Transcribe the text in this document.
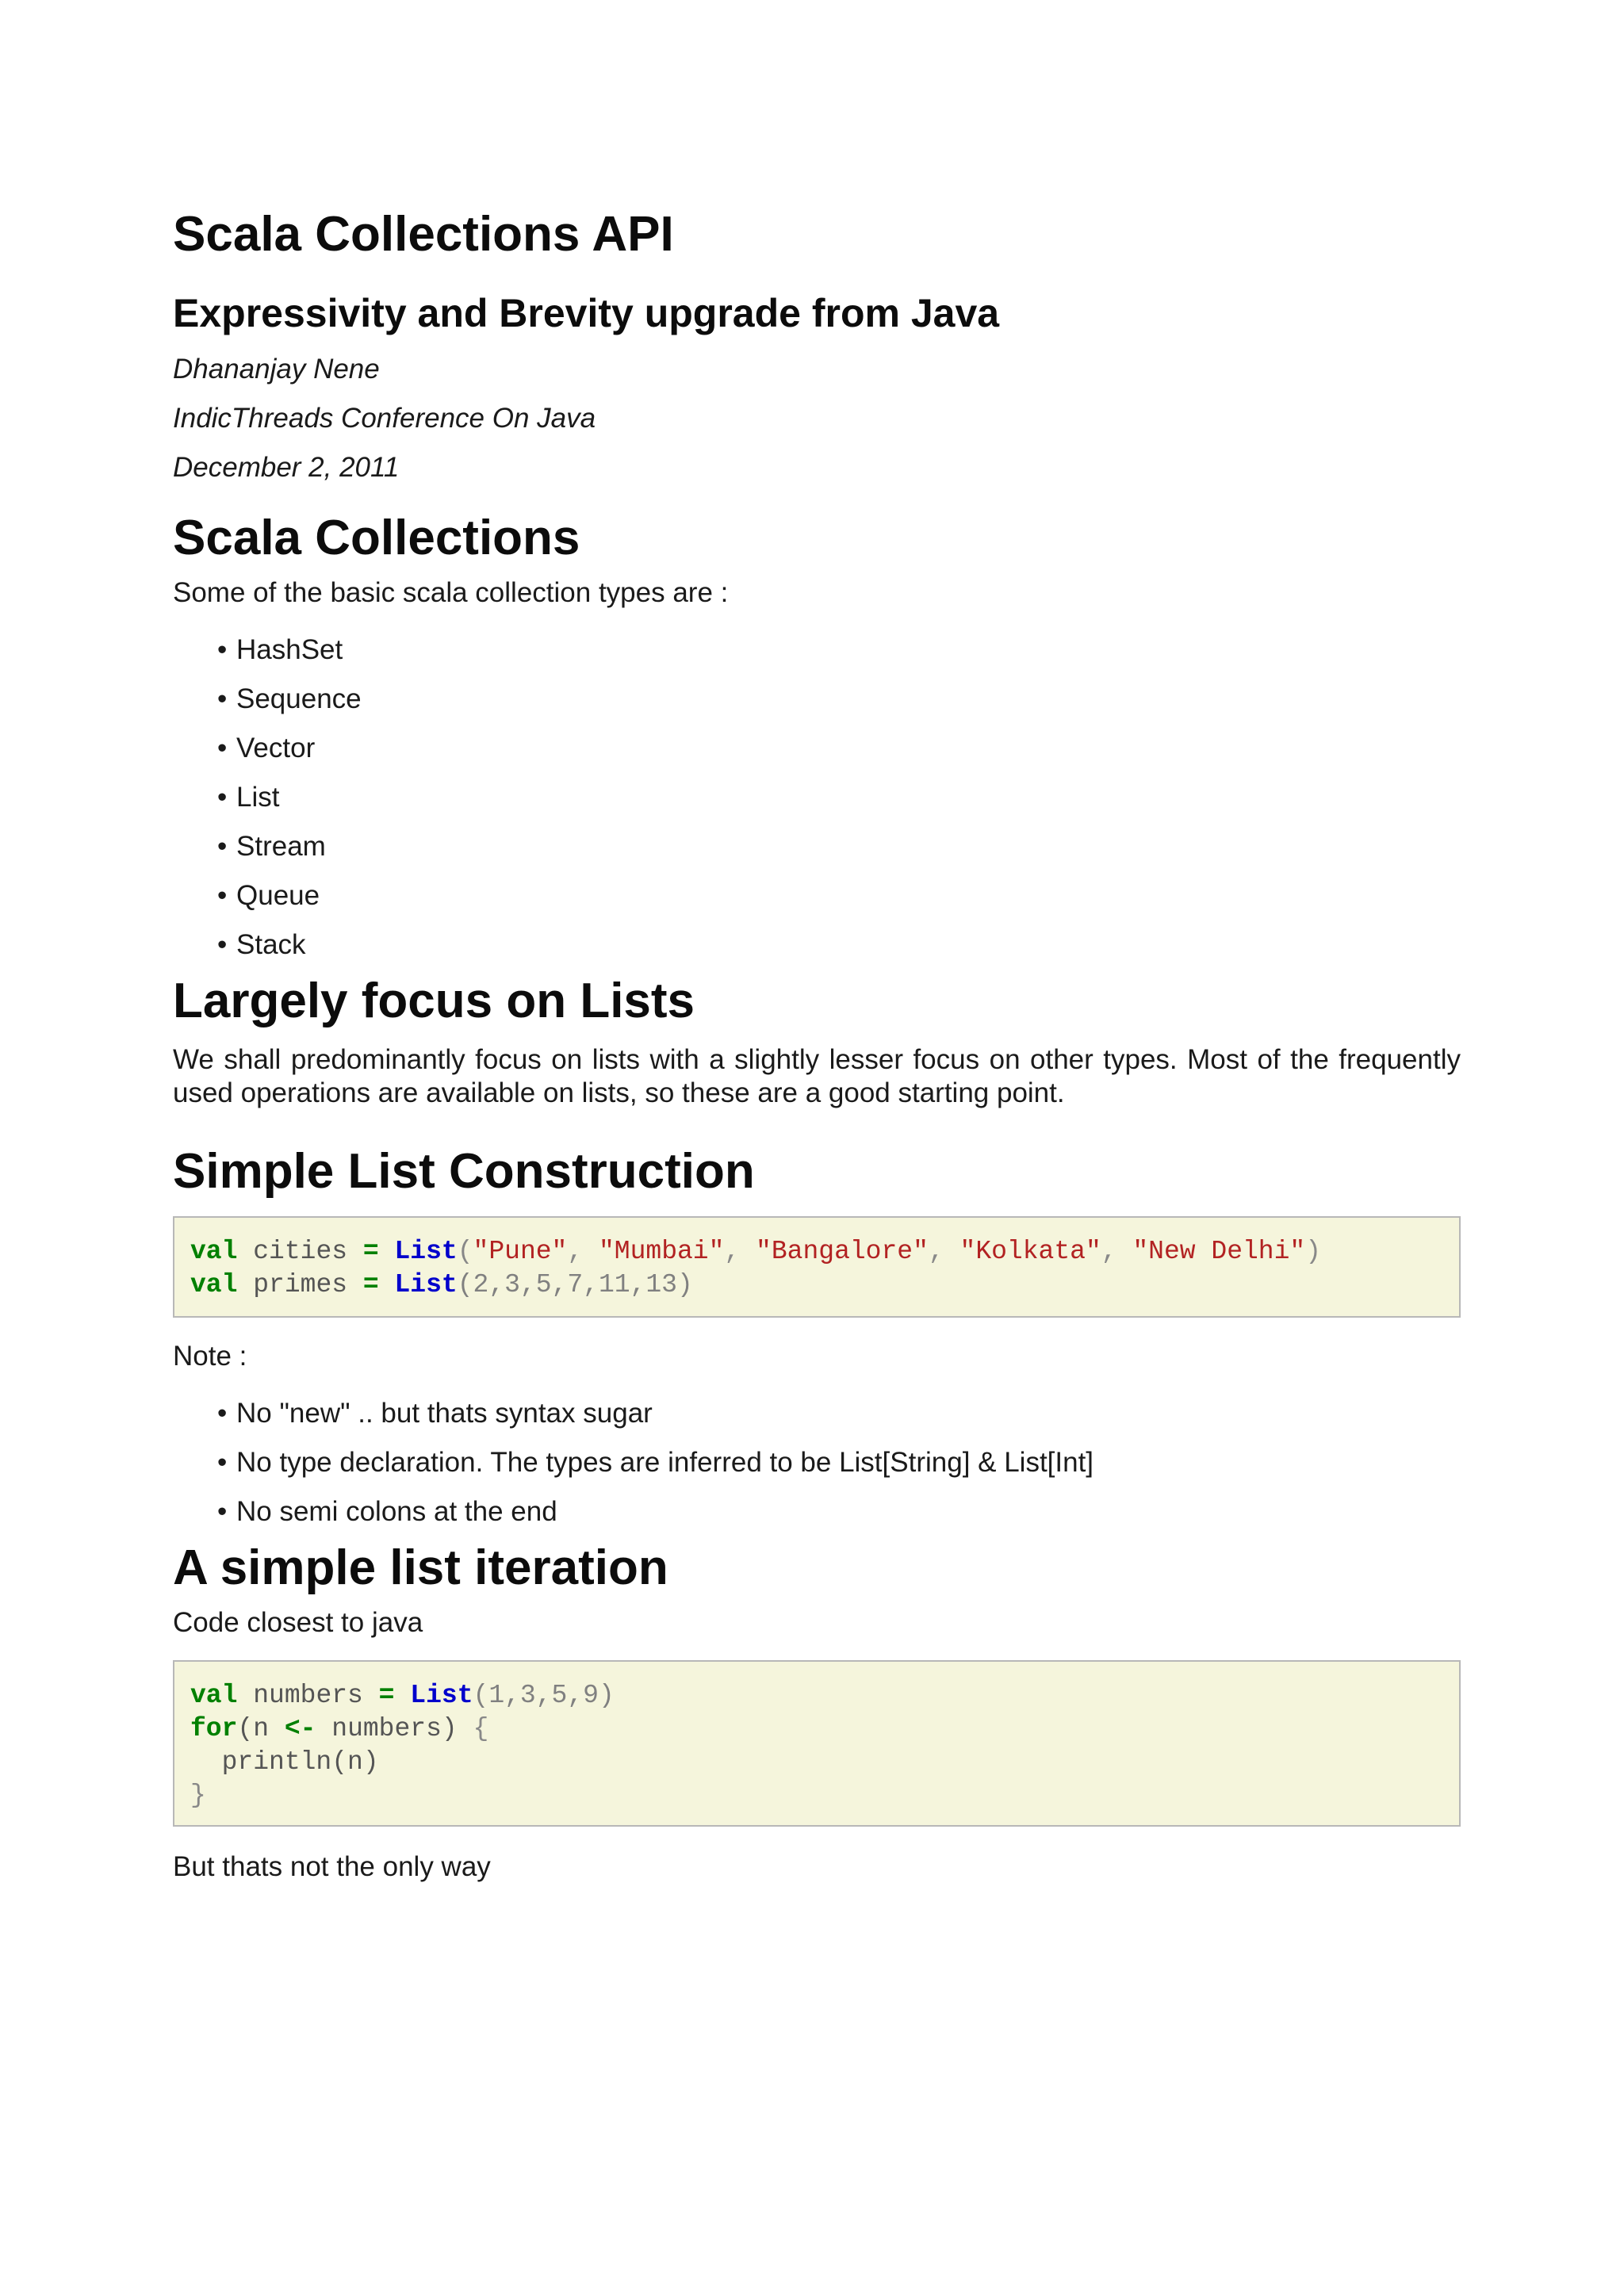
Scala Collections API
Expressivity and Brevity upgrade from Java

Dhananjay Nene

IndicThreads Conference On Java

December 2, 2011

Scala Collections

Some of the basic scala collection types are :

• HashSet
• Sequence
• Vector
• List
• Stream
• Queue
• Stack
Largely focus on Lists

We shall predominantly focus on lists with a slightly lesser focus on other types. Most of the frequently used operations are available on lists, so these are a good starting point.

Simple List Construction
val cities = List("Pune", "Mumbai", "Bangalore", "Kolkata", "New Delhi")
val primes = List(2,3,5,7,11,13)

Note :

• No "new" .. but thats syntax sugar
• No type declaration. The types are inferred to be List[String] & List[Int]
• No semi colons at the end
A simple list iteration

Code closest to java

val numbers = List(1,3,5,9)
for(n <- numbers) {
println(n)
}

But thats not the only way
